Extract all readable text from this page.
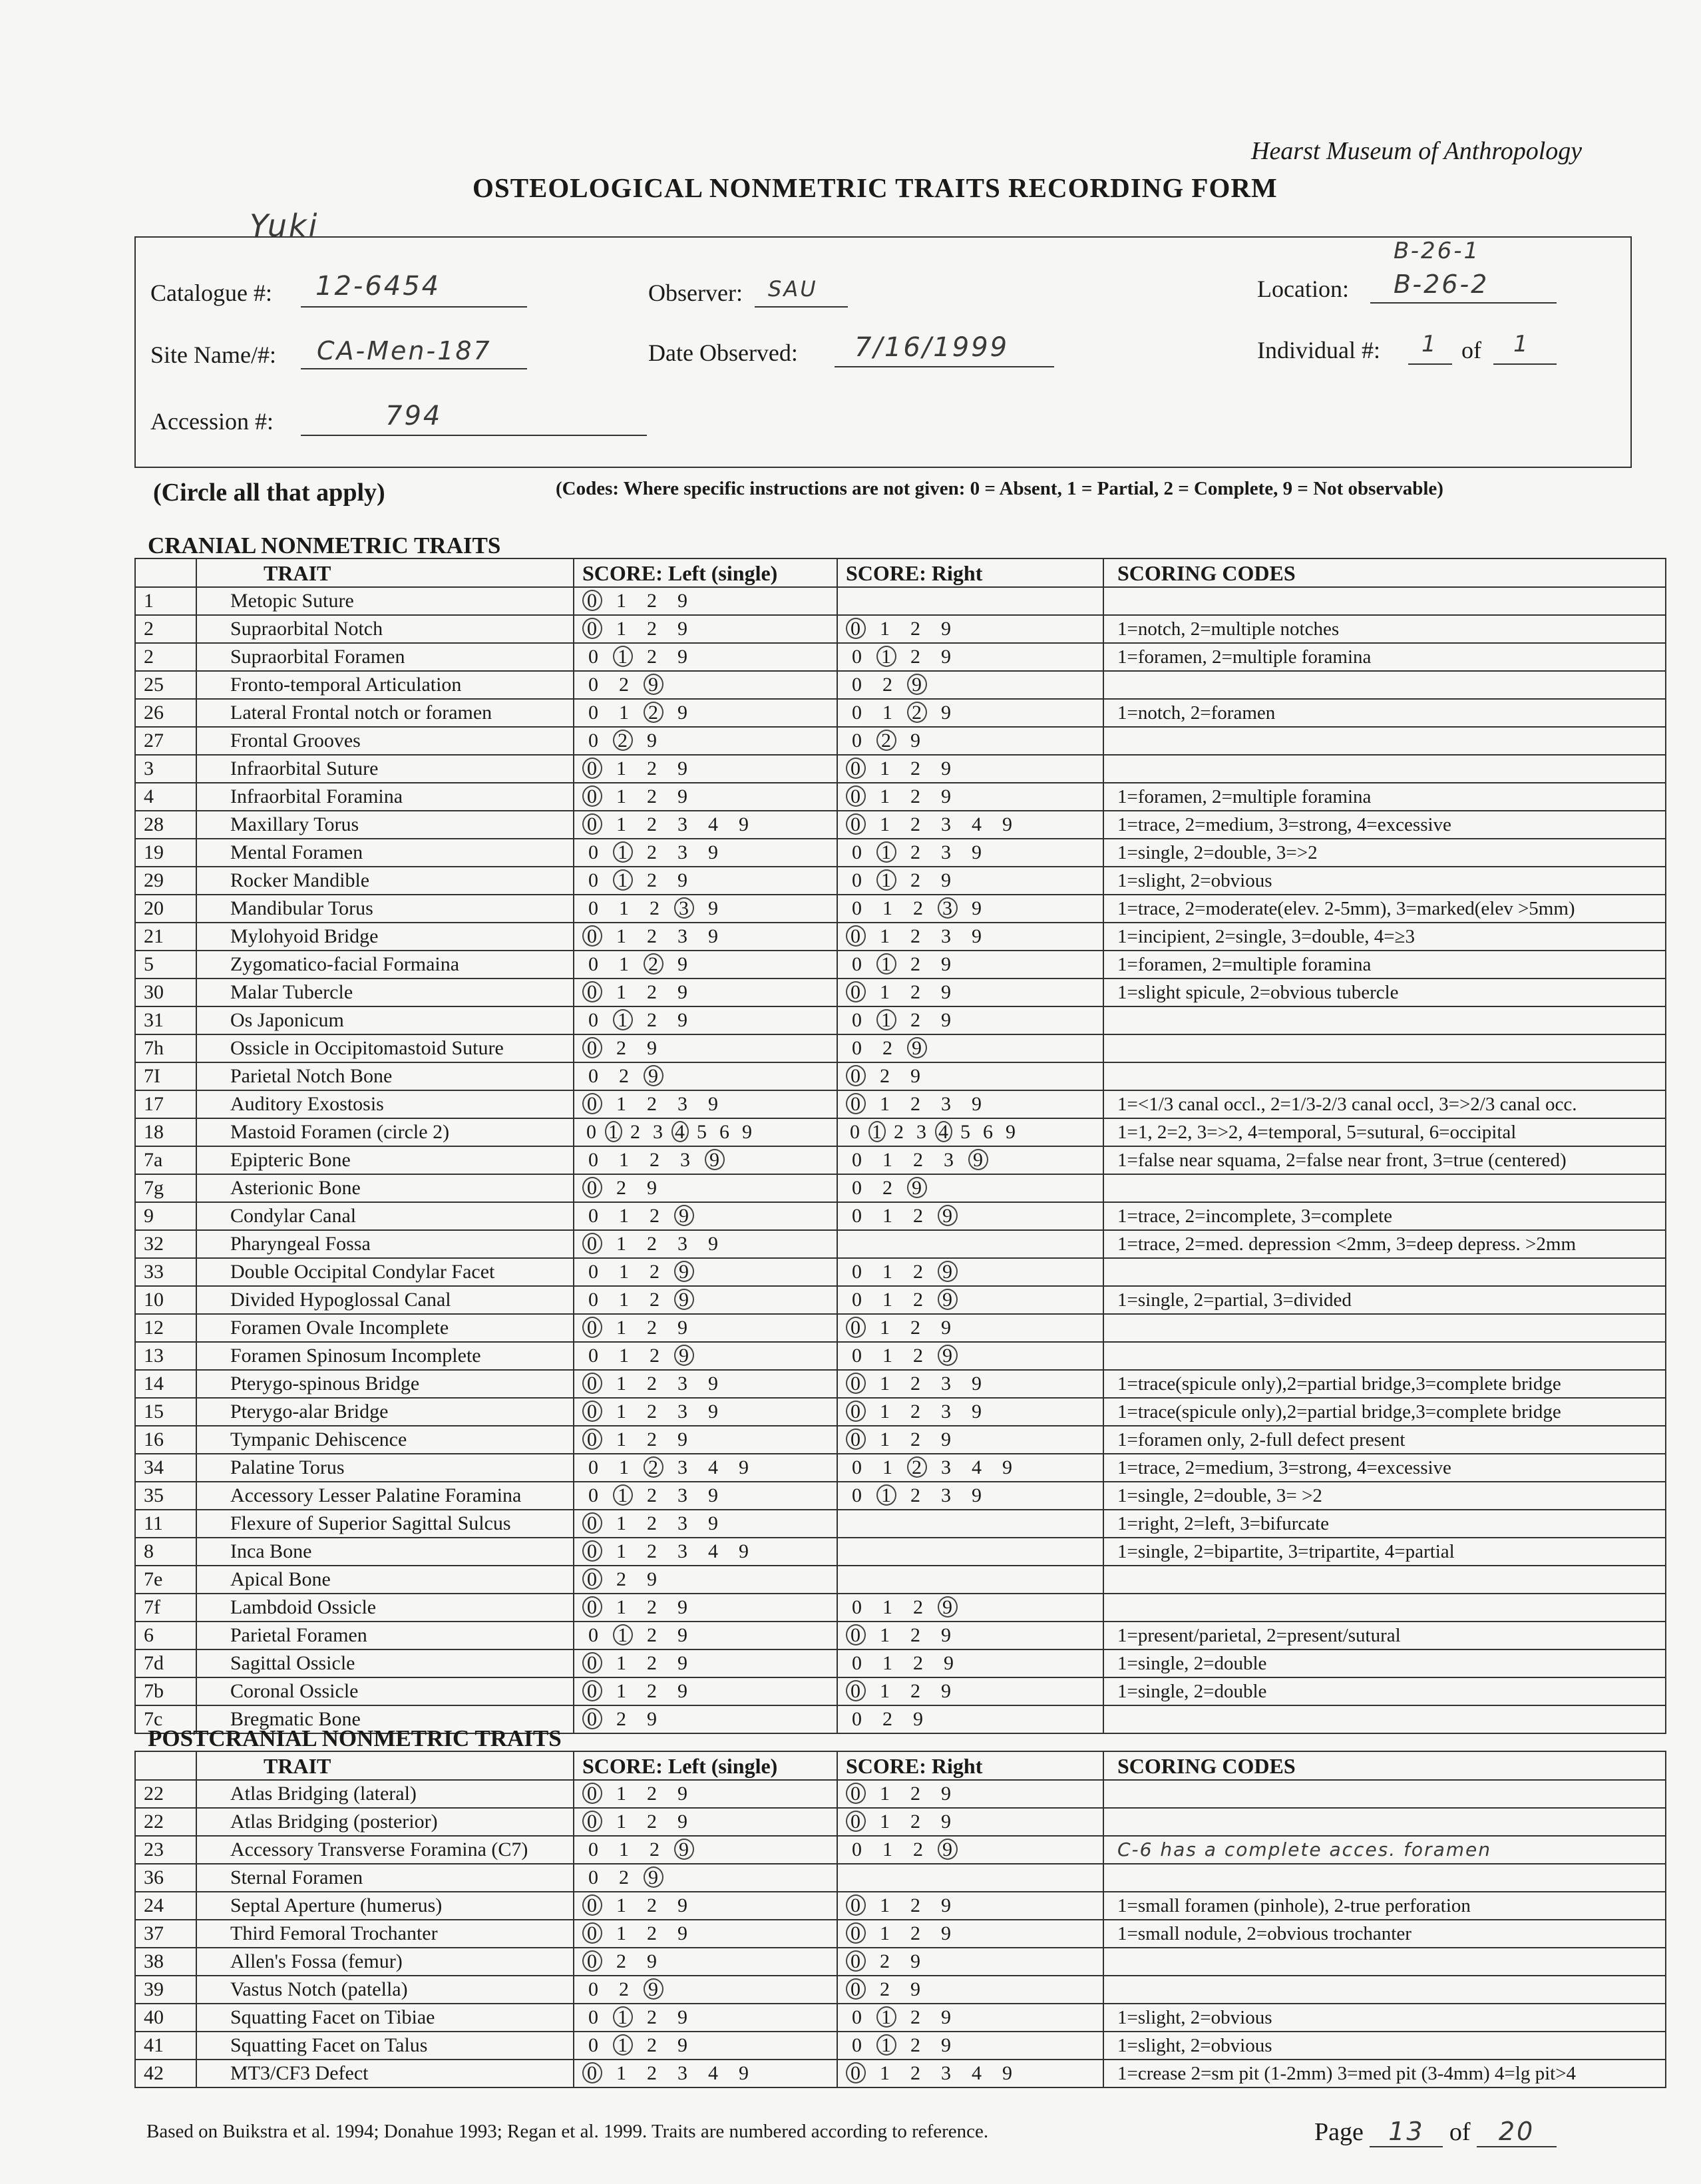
Hearst Museum of Anthropology
OSTEOLOGICAL NONMETRIC TRAITS RECORDING FORM
Yuki
Catalogue #: 12-6454	Observer: SAU
B-26-1
Location: B-26-2
Site Name/#: CA-Men-187	Date Observed: 7/16/1999	Individual #: 1 of 1
Accession #:	794
(Circle all that apply)	(Codes: Where specific instructions are not given: 0 = Absent, 1 = Partial, 2 = Complete, 9 = Not observable)
CRANIAL NONMETRIC TRAITS
	TRAIT	SCORE: Left (single)	SCORE: Right	SCORING CODES
1	Metopic Suture	0 1 2 9		
2	Supraorbital Notch	0 1 2 9	0 1 2 9	1=notch, 2=multiple notches
2	Supraorbital Foramen	0 1 2 9	0 1 2 9	1=foramen, 2=multiple foramina
25	Fronto-temporal Articulation	0 2 9	0 2 9	
26	Lateral Frontal notch or foramen	0 1 2 9	0 1 2 9	1=notch, 2=foramen
27	Frontal Grooves	0 2 9	0 2 9	
3	Infraorbital Suture	0 1 2 9	0 1 2 9	
4	Infraorbital Foramina	0 1 2 9	0 1 2 9	1=foramen, 2=multiple foramina
28	Maxillary Torus	0 1 2 3 4 9	0 1 2 3 4 9	1=trace, 2=medium, 3=strong, 4=excessive
19	Mental Foramen	0 1 2 3 9	0 1 2 3 9	1=single, 2=double, 3=>2
29	Rocker Mandible	0 1 2 9	0 1 2 9	1=slight, 2=obvious
20	Mandibular Torus	0 1 2 3 9	0 1 2 3 9	1=trace, 2=moderate(elev. 2-5mm), 3=marked(elev >5mm)
21	Mylohyoid Bridge	0 1 2 3 9	0 1 2 3 9	1=incipient, 2=single, 3=double, 4=≥3
5	Zygomatico-facial Formaina	0 1 2 9	0 1 2 9	1=foramen, 2=multiple foramina
30	Malar Tubercle	0 1 2 9	0 1 2 9	1=slight spicule, 2=obvious tubercle
31	Os Japonicum	0 1 2 9	0 1 2 9	
7h	Ossicle in Occipitomastoid Suture	0 2 9	0 2 9	
7I	Parietal Notch Bone	0 2 9	0 2 9	
17	Auditory Exostosis	0 1 2 3 9	0 1 2 3 9	1=<1/3 canal occl., 2=1/3-2/3 canal occl, 3=>2/3 canal occ.
18	Mastoid Foramen (circle 2)	0 1 2 3 4 5 6 9	0 1 2 3 4 5 6 9	1=1, 2=2, 3=>2, 4=temporal, 5=sutural, 6=occipital
7a	Epipteric Bone	0 1 2 3 9	0 1 2 3 9	1=false near squama, 2=false near front, 3=true (centered)
7g	Asterionic Bone	0 2 9	0 2 9	
9	Condylar Canal	0 1 2 9	0 1 2 9	1=trace, 2=incomplete, 3=complete
32	Pharyngeal Fossa	0 1 2 3 9		1=trace, 2=med. depression <2mm, 3=deep depress. >2mm
33	Double Occipital Condylar Facet	0 1 2 9	0 1 2 9	
10	Divided Hypoglossal Canal	0 1 2 9	0 1 2 9	1=single, 2=partial, 3=divided
12	Foramen Ovale Incomplete	0 1 2 9	0 1 2 9	
13	Foramen Spinosum Incomplete	0 1 2 9	0 1 2 9	
14	Pterygo-spinous Bridge	0 1 2 3 9	0 1 2 3 9	1=trace(spicule only),2=partial bridge,3=complete bridge
15	Pterygo-alar Bridge	0 1 2 3 9	0 1 2 3 9	1=trace(spicule only),2=partial bridge,3=complete bridge
16	Tympanic Dehiscence	0 1 2 9	0 1 2 9	1=foramen only, 2-full defect present
34	Palatine Torus	0 1 2 3 4 9	0 1 2 3 4 9	1=trace, 2=medium, 3=strong, 4=excessive
35	Accessory Lesser Palatine Foramina	0 1 2 3 9	0 1 2 3 9	1=single, 2=double, 3= >2
11	Flexure of Superior Sagittal Sulcus	0 1 2 3 9		1=right, 2=left, 3=bifurcate
8	Inca Bone	0 1 2 3 4 9		1=single, 2=bipartite, 3=tripartite, 4=partial
7e	Apical Bone	0 2 9		
7f	Lambdoid Ossicle	0 1 2 9	0 1 2 9	
6	Parietal Foramen	0 1 2 9	0 1 2 9	1=present/parietal, 2=present/sutural
7d	Sagittal Ossicle	0 1 2 9	0 1 2 9	1=single, 2=double
7b	Coronal Ossicle	0 1 2 9	0 1 2 9	1=single, 2=double
7c	Bregmatic Bone	0 2 9	0 2 9	
POSTCRANIAL NONMETRIC TRAITS
	TRAIT	SCORE: Left (single)	SCORE: Right	SCORING CODES
22	Atlas Bridging (lateral)	0 1 2 9	0 1 2 9	
22	Atlas Bridging (posterior)	0 1 2 9	0 1 2 9	
23	Accessory Transverse Foramina (C7)	0 1 2 9	0 1 2 9	C-6 has a complete acces. foramen
36	Sternal Foramen	0 2 9		
24	Septal Aperture (humerus)	0 1 2 9	0 1 2 9	1=small foramen (pinhole), 2-true perforation
37	Third Femoral Trochanter	0 1 2 9	0 1 2 9	1=small nodule, 2=obvious trochanter
38	Allen's Fossa (femur)	0 2 9	0 2 9	
39	Vastus Notch (patella)	0 2 9	0 2 9	
40	Squatting Facet on Tibiae	0 1 2 9	0 1 2 9	1=slight, 2=obvious
41	Squatting Facet on Talus	0 1 2 9	0 1 2 9	1=slight, 2=obvious
42	MT3/CF3 Defect	0 1 2 3 4 9	0 1 2 3 4 9	1=crease 2=sm pit (1-2mm) 3=med pit (3-4mm) 4=lg pit>4
Based on Buikstra et al. 1994; Donahue 1993; Regan et al. 1999. Traits are numbered according to reference.	Page 13 of 20
